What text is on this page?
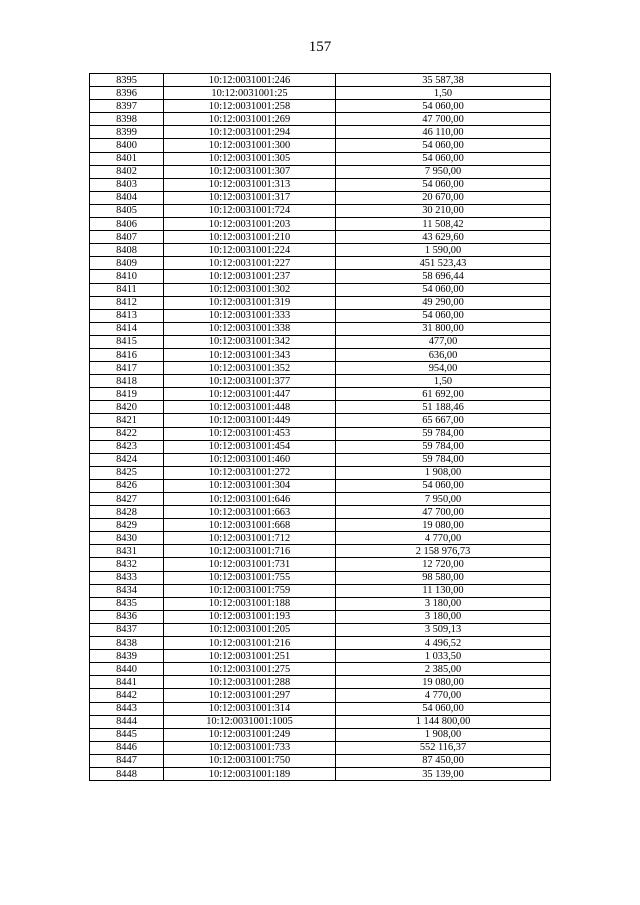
157
8395	10:12:0031001:246	35 587,38
8396	10:12:0031001:25	1,50
8397	10:12:0031001:258	54 060,00
8398	10:12:0031001:269	47 700,00
8399	10:12:0031001:294	46 110,00
8400	10:12:0031001:300	54 060,00
8401	10:12:0031001:305	54 060,00
8402	10:12:0031001:307	7 950,00
8403	10:12:0031001:313	54 060,00
8404	10:12:0031001:317	20 670,00
8405	10:12:0031001:724	30 210,00
8406	10:12:0031001:203	11 508,42
8407	10:12:0031001:210	43 629,60
8408	10:12:0031001:224	1 590,00
8409	10:12:0031001:227	451 523,43
8410	10:12:0031001:237	58 696,44
8411	10:12:0031001:302	54 060,00
8412	10:12:0031001:319	49 290,00
8413	10:12:0031001:333	54 060,00
8414	10:12:0031001:338	31 800,00
8415	10:12:0031001:342	477,00
8416	10:12:0031001:343	636,00
8417	10:12:0031001:352	954,00
8418	10:12:0031001:377	1,50
8419	10:12:0031001:447	61 692,00
8420	10:12:0031001:448	51 188,46
8421	10:12:0031001:449	65 667,00
8422	10:12:0031001:453	59 784,00
8423	10:12:0031001:454	59 784,00
8424	10:12:0031001:460	59 784,00
8425	10:12:0031001:272	1 908,00
8426	10:12:0031001:304	54 060,00
8427	10:12:0031001:646	7 950,00
8428	10:12:0031001:663	47 700,00
8429	10:12:0031001:668	19 080,00
8430	10:12:0031001:712	4 770,00
8431	10:12:0031001:716	2 158 976,73
8432	10:12:0031001:731	12 720,00
8433	10:12:0031001:755	98 580,00
8434	10:12:0031001:759	11 130,00
8435	10:12:0031001:188	3 180,00
8436	10:12:0031001:193	3 180,00
8437	10:12:0031001:205	3 509,13
8438	10:12:0031001:216	4 496,52
8439	10:12:0031001:251	1 033,50
8440	10:12:0031001:275	2 385,00
8441	10:12:0031001:288	19 080,00
8442	10:12:0031001:297	4 770,00
8443	10:12:0031001:314	54 060,00
8444	10:12:0031001:1005	1 144 800,00
8445	10:12:0031001:249	1 908,00
8446	10:12:0031001:733	552 116,37
8447	10:12:0031001:750	87 450,00
8448	10:12:0031001:189	35 139,00
